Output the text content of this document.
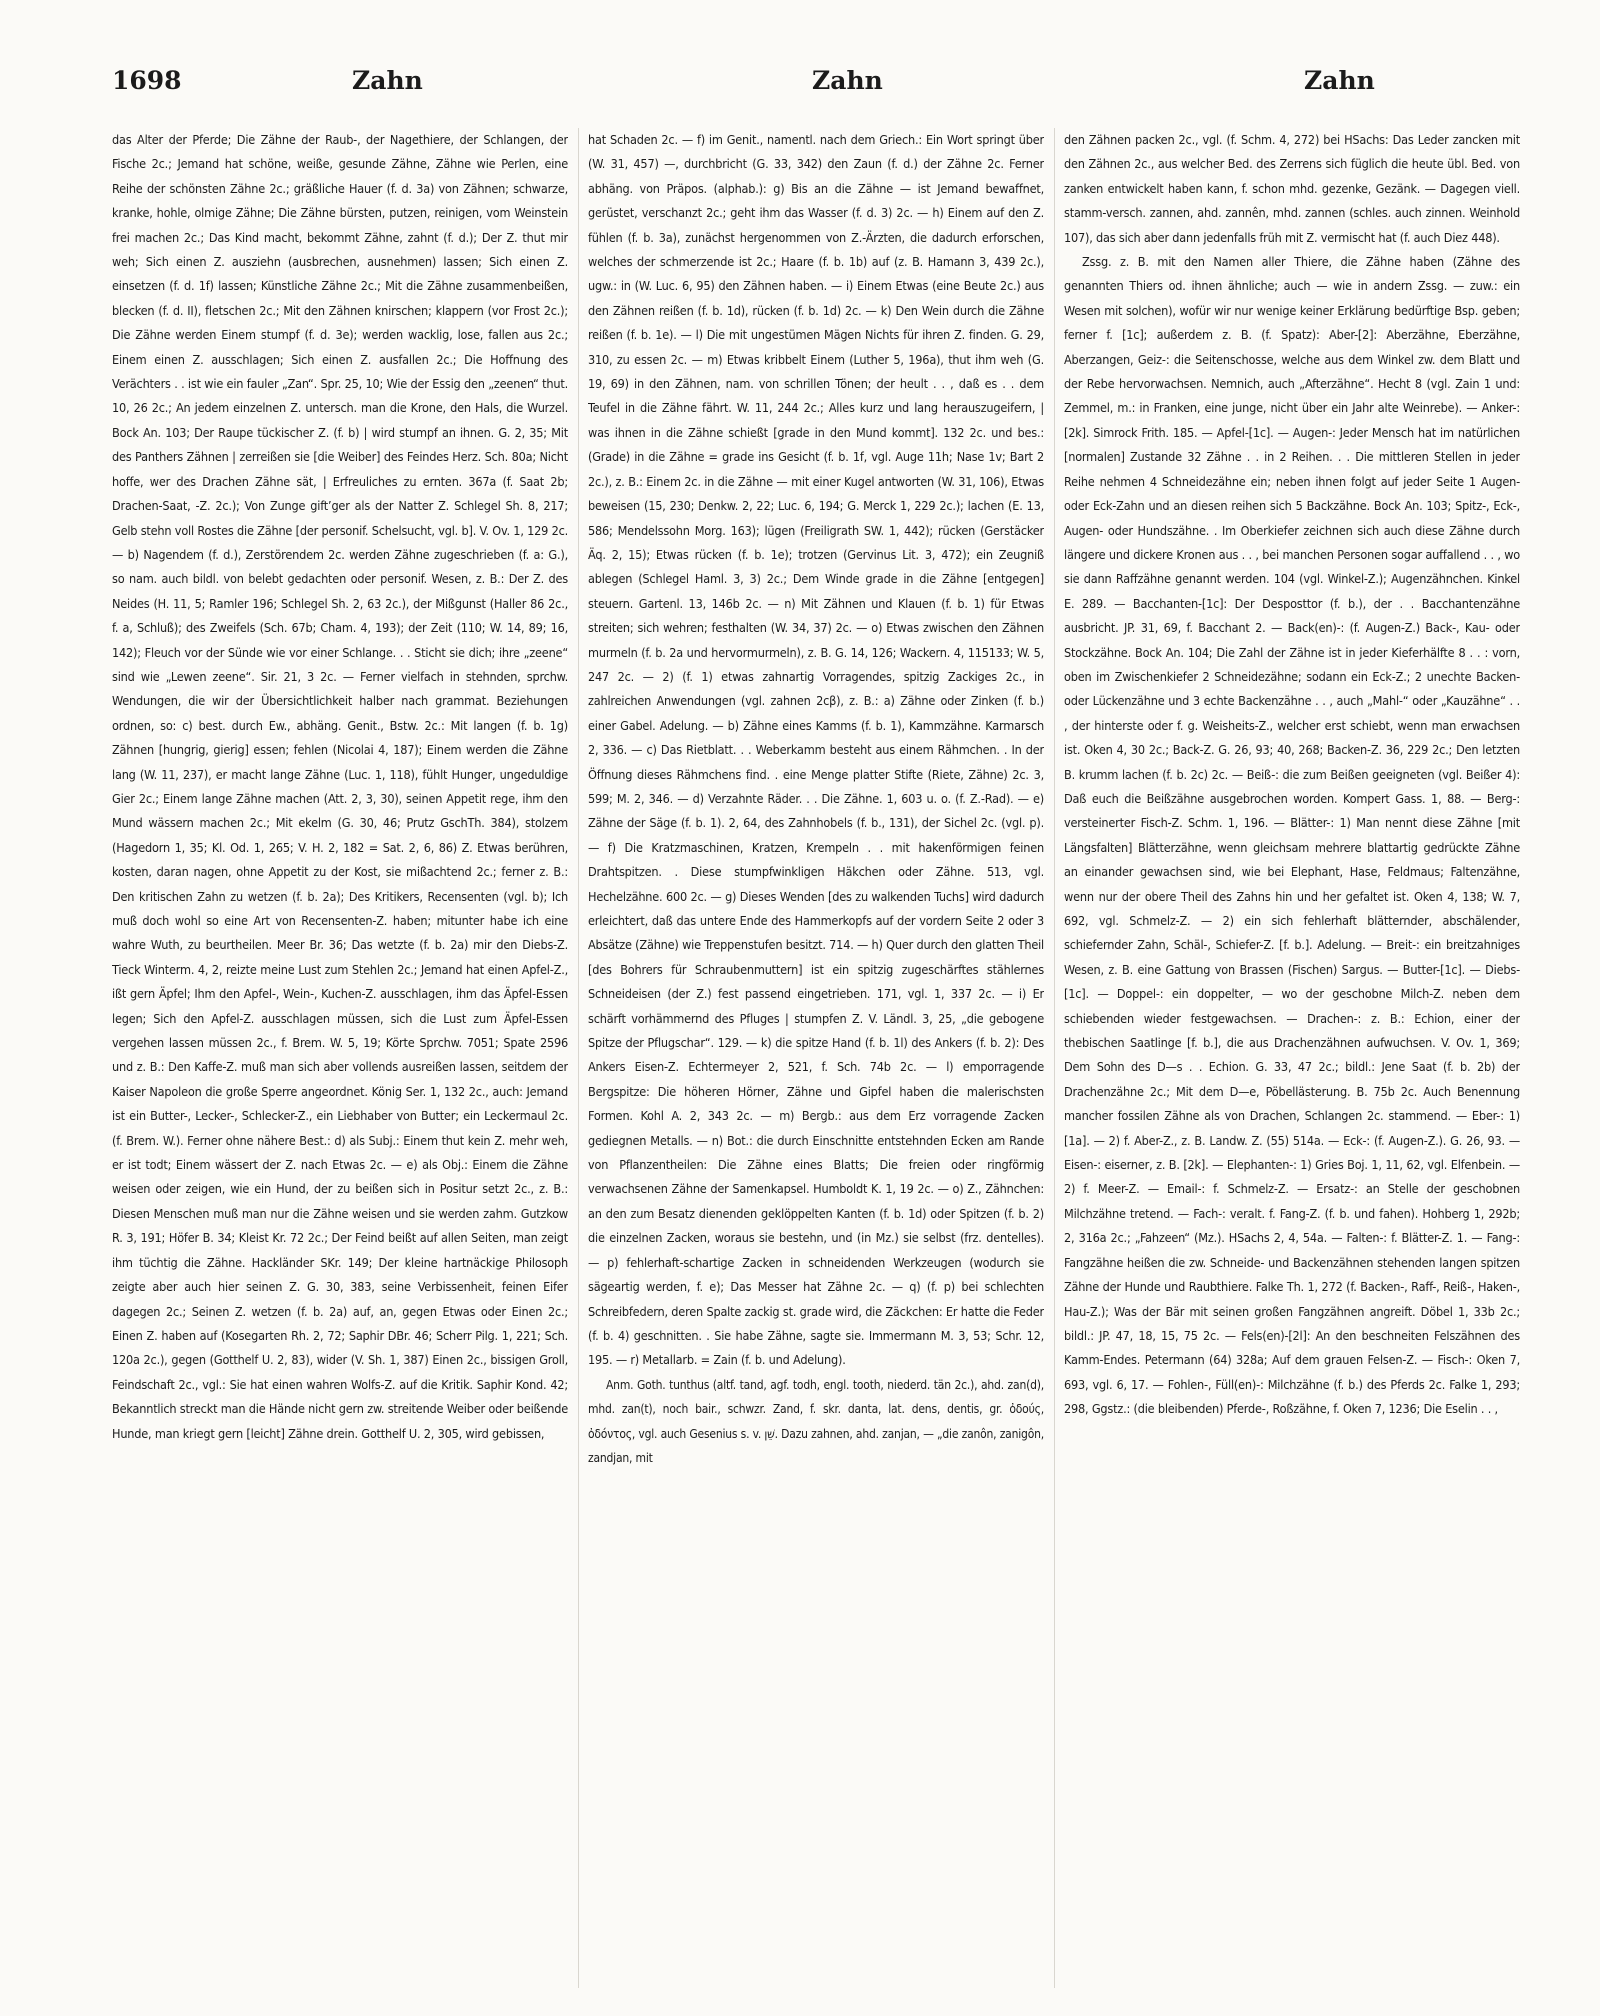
1698	Zahn	Zahn	Zahn

das Alter der Pferde; Die Zähne der Raub-, der Nagethiere, der Schlangen, der Fische 2c.; Jemand hat schöne, weiße, gesunde Zähne, Zähne wie Perlen, eine Reihe der schönsten Zähne 2c.; gräßliche Hauer (f. d. 3a) von Zähnen; schwarze, kranke, hohle, olmige Zähne; Die Zähne bürsten, putzen, reinigen, vom Weinstein frei machen 2c.; Das Kind macht, bekommt Zähne, zahnt (f. d.); Der Z. thut mir weh; Sich einen Z. ausziehn (ausbrechen, ausnehmen) lassen; Sich einen Z. einsetzen (f. d. 1f) lassen; Künstliche Zähne 2c.; Mit die Zähne zusammenbeißen, blecken (f. d. II), fletschen 2c.; Mit den Zähnen knirschen; klappern (vor Frost 2c.); Die Zähne werden Einem stumpf (f. d. 3e); werden wacklig, lose, fallen aus 2c.; Einem einen Z. ausschlagen; Sich einen Z. ausfallen 2c.; Die Hoffnung des Verächters . . ist wie ein fauler „Zan“. Spr. 25, 10; Wie der Essig den „zeenen“ thut. 10, 26 2c.; An jedem einzelnen Z. untersch. man die Krone, den Hals, die Wurzel. Bock An. 103; Der Raupe tückischer Z. (f. b) | wird stumpf an ihnen. G. 2, 35; Mit des Panthers Zähnen | zerreißen sie [die Weiber] des Feindes Herz. Sch. 80a; Nicht hoffe, wer des Drachen Zähne sät, | Erfreuliches zu ernten. 367a (f. Saat 2b; Drachen-Saat, -Z. 2c.); Von Zunge gift’ger als der Natter Z. Schlegel Sh. 8, 217; Gelb stehn voll Rostes die Zähne [der personif. Schelsucht, vgl. b]. V. Ov. 1, 129 2c. — b) Nagendem (f. d.), Zerstörendem 2c. werden Zähne zugeschrieben (f. a: G.), so nam. auch bildl. von belebt gedachten oder personif. Wesen, z. B.: Der Z. des Neides (H. 11, 5; Ramler 196; Schlegel Sh. 2, 63 2c.), der Mißgunst (Haller 86 2c., f. a, Schluß); des Zweifels (Sch. 67b; Cham. 4, 193); der Zeit (110; W. 14, 89; 16, 142); Fleuch vor der Sünde wie vor einer Schlange. . . Sticht sie dich; ihre „zeene“ sind wie „Lewen zeene“. Sir. 21, 3 2c. — Ferner vielfach in stehnden, sprchw. Wendungen, die wir der Übersichtlichkeit halber nach grammat. Beziehungen ordnen, so: c) best. durch Ew., abhäng. Genit., Bstw. 2c.: Mit langen (f. b. 1g) Zähnen [hungrig, gierig] essen; fehlen (Nicolai 4, 187); Einem werden die Zähne lang (W. 11, 237), er macht lange Zähne (Luc. 1, 118), fühlt Hunger, ungeduldige Gier 2c.; Einem lange Zähne machen (Att. 2, 3, 30), seinen Appetit rege, ihm den Mund wässern machen 2c.; Mit ekelm (G. 30, 46; Prutz GschTh. 384), stolzem (Hagedorn 1, 35; Kl. Od. 1, 265; V. H. 2, 182 = Sat. 2, 6, 86) Z. Etwas berühren, kosten, daran nagen, ohne Appetit zu der Kost, sie mißachtend 2c.; ferner z. B.: Den kritischen Zahn zu wetzen (f. b. 2a); Des Kritikers, Recensenten (vgl. b); Ich muß doch wohl so eine Art von Recensenten-Z. haben; mitunter habe ich eine wahre Wuth, zu beurtheilen. Meer Br. 36; Das wetzte (f. b. 2a) mir den Diebs-Z. Tieck Winterm. 4, 2, reizte meine Lust zum Stehlen 2c.; Jemand hat einen Apfel-Z., ißt gern Äpfel; Ihm den Apfel-, Wein-, Kuchen-Z. ausschlagen, ihm das Äpfel-Essen legen; Sich den Apfel-Z. ausschlagen müssen, sich die Lust zum Äpfel-Essen vergehen lassen müssen 2c., f. Brem. W. 5, 19; Körte Sprchw. 7051; Spate 2596 und z. B.: Den Kaffe-Z. muß man sich aber vollends ausreißen lassen, seitdem der Kaiser Napoleon die große Sperre angeordnet. König Ser. 1, 132 2c., auch: Jemand ist ein Butter-, Lecker-, Schlecker-Z., ein Liebhaber von Butter; ein Leckermaul 2c. (f. Brem. W.). Ferner ohne nähere Best.: d) als Subj.: Einem thut kein Z. mehr weh, er ist todt; Einem wässert der Z. nach Etwas 2c. — e) als Obj.: Einem die Zähne weisen oder zeigen, wie ein Hund, der zu beißen sich in Positur setzt 2c., z. B.: Diesen Menschen muß man nur die Zähne weisen und sie werden zahm. Gutzkow R. 3, 191; Höfer B. 34; Kleist Kr. 72 2c.; Der Feind beißt auf allen Seiten, man zeigt ihm tüchtig die Zähne. Hackländer SKr. 149; Der kleine hartnäckige Philosoph zeigte aber auch hier seinen Z. G. 30, 383, seine Verbissenheit, feinen Eifer dagegen 2c.; Seinen Z. wetzen (f. b. 2a) auf, an, gegen Etwas oder Einen 2c.; Einen Z. haben auf (Kosegarten Rh. 2, 72; Saphir DBr. 46; Scherr Pilg. 1, 221; Sch. 120a 2c.), gegen (Gotthelf U. 2, 83), wider (V. Sh. 1, 387) Einen 2c., bissigen Groll, Feindschaft 2c., vgl.: Sie hat einen wahren Wolfs-Z. auf die Kritik. Saphir Kond. 42; Bekanntlich streckt man die Hände nicht gern zw. streitende Weiber oder beißende Hunde, man kriegt gern [leicht] Zähne drein. Gotthelf U. 2, 305, wird gebissen,

hat Schaden 2c. — f) im Genit., namentl. nach dem Griech.: Ein Wort springt über (W. 31, 457) —, durchbricht (G. 33, 342) den Zaun (f. d.) der Zähne 2c. Ferner abhäng. von Präpos. (alphab.): g) Bis an die Zähne — ist Jemand bewaffnet, gerüstet, verschanzt 2c.; geht ihm das Wasser (f. d. 3) 2c. — h) Einem auf den Z. fühlen (f. b. 3a), zunächst hergenommen von Z.-Ärzten, die dadurch erforschen, welches der schmerzende ist 2c.; Haare (f. b. 1b) auf (z. B. Hamann 3, 439 2c.), ugw.: in (W. Luc. 6, 95) den Zähnen haben. — i) Einem Etwas (eine Beute 2c.) aus den Zähnen reißen (f. b. 1d), rücken (f. b. 1d) 2c. — k) Den Wein durch die Zähne reißen (f. b. 1e). — l) Die mit ungestümen Mägen Nichts für ihren Z. finden. G. 29, 310, zu essen 2c. — m) Etwas kribbelt Einem (Luther 5, 196a), thut ihm weh (G. 19, 69) in den Zähnen, nam. von schrillen Tönen; der heult . . , daß es . . dem Teufel in die Zähne fährt. W. 11, 244 2c.; Alles kurz und lang herauszugeifern, | was ihnen in die Zähne schießt [grade in den Mund kommt]. 132 2c. und bes.: (Grade) in die Zähne = grade ins Gesicht (f. b. 1f, vgl. Auge 11h; Nase 1v; Bart 2 2c.), z. B.: Einem 2c. in die Zähne — mit einer Kugel antworten (W. 31, 106), Etwas beweisen (15, 230; Denkw. 2, 22; Luc. 6, 194; G. Merck 1, 229 2c.); lachen (E. 13, 586; Mendelssohn Morg. 163); lügen (Freiligrath SW. 1, 442); rücken (Gerstäcker Äq. 2, 15); Etwas rücken (f. b. 1e); trotzen (Gervinus Lit. 3, 472); ein Zeugniß ablegen (Schlegel Haml. 3, 3) 2c.; Dem Winde grade in die Zähne [entgegen] steuern. Gartenl. 13, 146b 2c. — n) Mit Zähnen und Klauen (f. b. 1) für Etwas streiten; sich wehren; festhalten (W. 34, 37) 2c. — o) Etwas zwischen den Zähnen murmeln (f. b. 2a und hervormurmeln), z. B. G. 14, 126; Wackern. 4, 115133; W. 5, 247 2c. — 2) (f. 1) etwas zahnartig Vorragendes, spitzig Zackiges 2c., in zahlreichen Anwendungen (vgl. zahnen 2cβ), z. B.: a) Zähne oder Zinken (f. b.) einer Gabel. Adelung. — b) Zähne eines Kamms (f. b. 1), Kammzähne. Karmarsch 2, 336. — c) Das Rietblatt. . . Weberkamm besteht aus einem Rähmchen. . In der Öffnung dieses Rähmchens find. . eine Menge platter Stifte (Riete, Zähne) 2c. 3, 599; M. 2, 346. — d) Verzahnte Räder. . . Die Zähne. 1, 603 u. o. (f. Z.-Rad). — e) Zähne der Säge (f. b. 1). 2, 64, des Zahnhobels (f. b., 131), der Sichel 2c. (vgl. p). — f) Die Kratzmaschinen, Kratzen, Krempeln . . mit hakenförmigen feinen Drahtspitzen. . Diese stumpfwinkligen Häkchen oder Zähne. 513, vgl. Hechelzähne. 600 2c. — g) Dieses Wenden [des zu walkenden Tuchs] wird dadurch erleichtert, daß das untere Ende des Hammerkopfs auf der vordern Seite 2 oder 3 Absätze (Zähne) wie Treppenstufen besitzt. 714. — h) Quer durch den glatten Theil [des Bohrers für Schraubenmuttern] ist ein spitzig zugeschärftes stählernes Schneideisen (der Z.) fest passend eingetrieben. 171, vgl. 1, 337 2c. — i) Er schärft vorhämmernd des Pfluges | stumpfen Z. V. Ländl. 3, 25, „die gebogene Spitze der Pflugschar“. 129. — k) die spitze Hand (f. b. 1l) des Ankers (f. b. 2): Des Ankers Eisen-Z. Echtermeyer 2, 521, f. Sch. 74b 2c. — l) emporragende Bergspitze: Die höheren Hörner, Zähne und Gipfel haben die malerischsten Formen. Kohl A. 2, 343 2c. — m) Bergb.: aus dem Erz vorragende Zacken gediegnen Metalls. — n) Bot.: die durch Einschnitte entstehnden Ecken am Rande von Pflanzentheilen: Die Zähne eines Blatts; Die freien oder ringförmig verwachsenen Zähne der Samenkapsel. Humboldt K. 1, 19 2c. — o) Z., Zähnchen: an den zum Besatz dienenden geklöppelten Kanten (f. b. 1d) oder Spitzen (f. b. 2) die einzelnen Zacken, woraus sie bestehn, und (in Mz.) sie selbst (frz. dentelles). — p) fehlerhaft-schartige Zacken in schneidenden Werkzeugen (wodurch sie sägeartig werden, f. e); Das Messer hat Zähne 2c. — q) (f. p) bei schlechten Schreibfedern, deren Spalte zackig st. grade wird, die Zäckchen: Er hatte die Feder (f. b. 4) geschnitten. . Sie habe Zähne, sagte sie. Immermann M. 3, 53; Schr. 12, 195. — r) Metallarb. = Zain (f. b. und Adelung).

Anm. Goth. tunthus (altf. tand, agf. todh, engl. tooth, niederd. tän 2c.), ahd. zan(d), mhd. zan(t), noch bair., schwzr. Zand, f. skr. danta, lat. dens, dentis, gr. ὀδούς, ὀδόντος, vgl. auch Gesenius s. v. שֵׁן. Dazu zahnen, ahd. zanjan, — „die zanôn, zanigôn, zandjan, mit

den Zähnen packen 2c., vgl. (f. Schm. 4, 272) bei HSachs: Das Leder zancken mit den Zähnen 2c., aus welcher Bed. des Zerrens sich füglich die heute übl. Bed. von zanken entwickelt haben kann, f. schon mhd. gezenke, Gezänk. — Dagegen viell. stamm-versch. zannen, ahd. zannên, mhd. zannen (schles. auch zinnen. Weinhold 107), das sich aber dann jedenfalls früh mit Z. vermischt hat (f. auch Diez 448).

Zssg. z. B. mit den Namen aller Thiere, die Zähne haben (Zähne des genannten Thiers od. ihnen ähnliche; auch — wie in andern Zssg. — zuw.: ein Wesen mit solchen), wofür wir nur wenige keiner Erklärung bedürftige Bsp. geben; ferner f. [1c]; außerdem z. B. (f. Spatz): Aber-[2]: Aberzähne, Eberzähne, Aberzangen, Geiz-: die Seitenschosse, welche aus dem Winkel zw. dem Blatt und der Rebe hervorwachsen. Nemnich, auch „Afterzähne“. Hecht 8 (vgl. Zain 1 und: Zemmel, m.: in Franken, eine junge, nicht über ein Jahr alte Weinrebe). — Anker-: [2k]. Simrock Frith. 185. — Apfel-[1c]. — Augen-: Jeder Mensch hat im natürlichen [normalen] Zustande 32 Zähne . . in 2 Reihen. . . Die mittleren Stellen in jeder Reihe nehmen 4 Schneidezähne ein; neben ihnen folgt auf jeder Seite 1 Augen- oder Eck-Zahn und an diesen reihen sich 5 Backzähne. Bock An. 103; Spitz-, Eck-, Augen- oder Hundszähne. . Im Oberkiefer zeichnen sich auch diese Zähne durch längere und dickere Kronen aus . . , bei manchen Personen sogar auffallend . . , wo sie dann Raffzähne genannt werden. 104 (vgl. Winkel-Z.); Augenzähnchen. Kinkel E. 289. — Bacchanten-[1c]: Der Desposttor (f. b.), der . . Bacchantenzähne ausbricht. JP. 31, 69, f. Bacchant 2. — Back(en)-: (f. Augen-Z.) Back-, Kau- oder Stockzähne. Bock An. 104; Die Zahl der Zähne ist in jeder Kieferhälfte 8 . . : vorn, oben im Zwischenkiefer 2 Schneidezähne; sodann ein Eck-Z.; 2 unechte Backen- oder Lückenzähne und 3 echte Backenzähne . . , auch „Mahl-“ oder „Kauzähne“ . . , der hinterste oder f. g. Weisheits-Z., welcher erst schiebt, wenn man erwachsen ist. Oken 4, 30 2c.; Back-Z. G. 26, 93; 40, 268; Backen-Z. 36, 229 2c.; Den letzten B. krumm lachen (f. b. 2c) 2c. — Beiß-: die zum Beißen geeigneten (vgl. Beißer 4): Daß euch die Beißzähne ausgebrochen worden. Kompert Gass. 1, 88. — Berg-: versteinerter Fisch-Z. Schm. 1, 196. — Blätter-: 1) Man nennt diese Zähne [mit Längsfalten] Blätterzähne, wenn gleichsam mehrere blattartig gedrückte Zähne an einander gewachsen sind, wie bei Elephant, Hase, Feldmaus; Faltenzähne, wenn nur der obere Theil des Zahns hin und her gefaltet ist. Oken 4, 138; W. 7, 692, vgl. Schmelz-Z. — 2) ein sich fehlerhaft blätternder, abschälender, schiefernder Zahn, Schäl-, Schiefer-Z. [f. b.]. Adelung. — Breit-: ein breitzahniges Wesen, z. B. eine Gattung von Brassen (Fischen) Sargus. — Butter-[1c]. — Diebs-[1c]. — Doppel-: ein doppelter, — wo der geschobne Milch-Z. neben dem schiebenden wieder festgewachsen. — Drachen-: z. B.: Echion, einer der thebischen Saatlinge [f. b.], die aus Drachenzähnen aufwuchsen. V. Ov. 1, 369; Dem Sohn des D—s . . Echion. G. 33, 47 2c.; bildl.: Jene Saat (f. b. 2b) der Drachenzähne 2c.; Mit dem D—e, Pöbellästerung. B. 75b 2c. Auch Benennung mancher fossilen Zähne als von Drachen, Schlangen 2c. stammend. — Eber-: 1) [1a]. — 2) f. Aber-Z., z. B. Landw. Z. (55) 514a. — Eck-: (f. Augen-Z.). G. 26, 93. — Eisen-: eiserner, z. B. [2k]. — Elephanten-: 1) Gries Boj. 1, 11, 62, vgl. Elfenbein. — 2) f. Meer-Z. — Email-: f. Schmelz-Z. — Ersatz-: an Stelle der geschobnen Milchzähne tretend. — Fach-: veralt. f. Fang-Z. (f. b. und fahen). Hohberg 1, 292b; 2, 316a 2c.; „Fahzeen“ (Mz.). HSachs 2, 4, 54a. — Falten-: f. Blätter-Z. 1. — Fang-: Fangzähne heißen die zw. Schneide- und Backenzähnen stehenden langen spitzen Zähne der Hunde und Raubthiere. Falke Th. 1, 272 (f. Backen-, Raff-, Reiß-, Haken-, Hau-Z.); Was der Bär mit seinen großen Fangzähnen angreift. Döbel 1, 33b 2c.; bildl.: JP. 47, 18, 15, 75 2c. — Fels(en)-[2l]: An den beschneiten Felszähnen des Kamm-Endes. Petermann (64) 328a; Auf dem grauen Felsen-Z. — Fisch-: Oken 7, 693, vgl. 6, 17. — Fohlen-, Füll(en)-: Milchzähne (f. b.) des Pferds 2c. Falke 1, 293; 298, Ggstz.: (die bleibenden) Pferde-, Roßzähne, f. Oken 7, 1236; Die Eselin . . ,
